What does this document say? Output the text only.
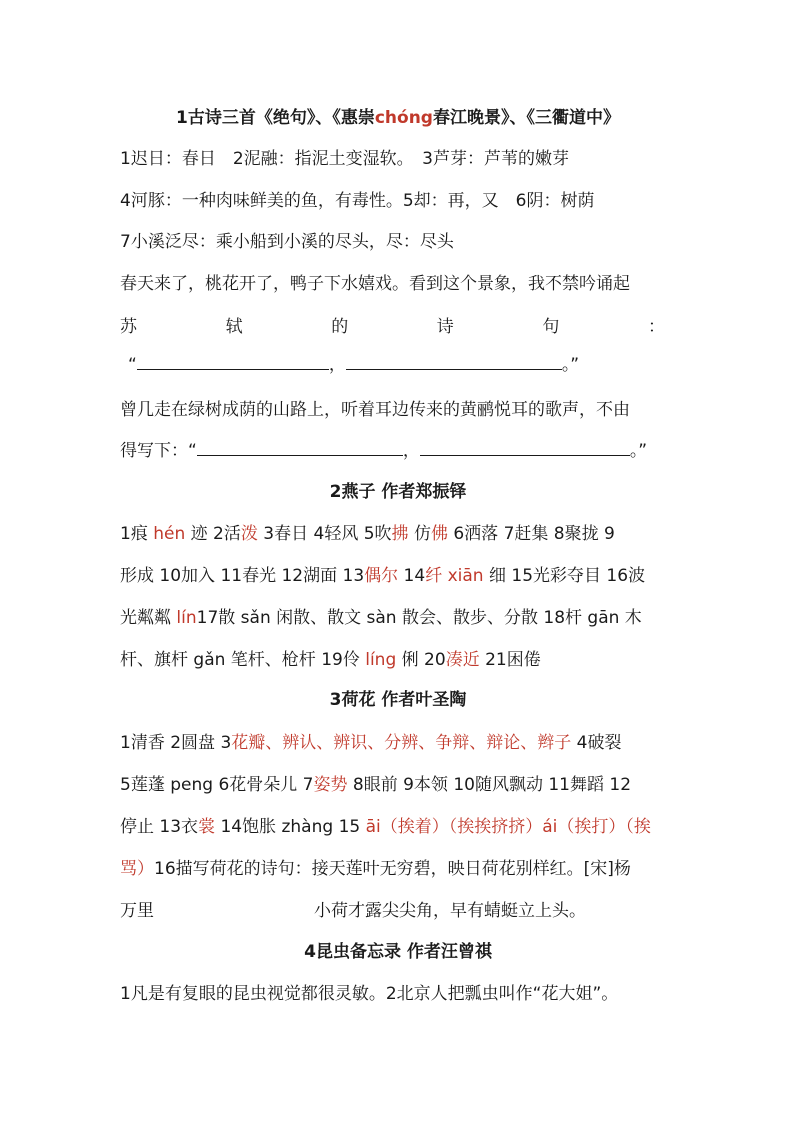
1古诗三首《绝句》、《惠崇chóng春江晚景》、《三衢道中》
1迟日：春日　2泥融：指泥土变湿软。　3芦芽：芦苇的嫩芽
4河豚：一种肉味鲜美的鱼，有毒性。5却：再，又　6阴：树荫
7小溪泛尽：乘小船到小溪的尽头，尽：尽头
春天来了，桃花开了，鸭子下水嬉戏。看到这个景象，我不禁吟诵起
苏	轼	的	诗	句	：
“	，	。”
曾几走在绿树成荫的山路上，听着耳边传来的黄鹂悦耳的歌声，不由
得写下：“	，	。”
2燕子 作者郑振铎
1痕 hén 迹 2活泼 3春日 4轻风 5吹拂 仿佛 6洒落 7赶集 8聚拢 9
形成 10加入 11春光 12湖面 13偶尔 14纤 xiān 细 15光彩夺目 16波
光粼粼 lín17散 sǎn 闲散、散文 sàn 散会、散步、分散 18杆 gān 木
杆、旗杆 gǎn 笔杆、枪杆 19伶 líng 俐 20凑近 21困倦
3荷花 作者叶圣陶
1清香 2圆盘 3花瓣、辨认、辨识、分辨、争辩、辩论、辫子 4破裂
5莲蓬 peng 6花骨朵儿 7姿势 8眼前 9本领 10随风飘动 11舞蹈 12
停止 13衣裳 14饱胀 zhàng 15 āi（挨着）（挨挨挤挤）ái（挨打）（挨
骂）16描写荷花的诗句：接天莲叶无穷碧，映日荷花别样红。[宋]杨
万里	小荷才露尖尖角，早有蜻蜓立上头。
4昆虫备忘录 作者汪曾祺
1凡是有复眼的昆虫视觉都很灵敏。2北京人把瓢虫叫作“花大姐”。
